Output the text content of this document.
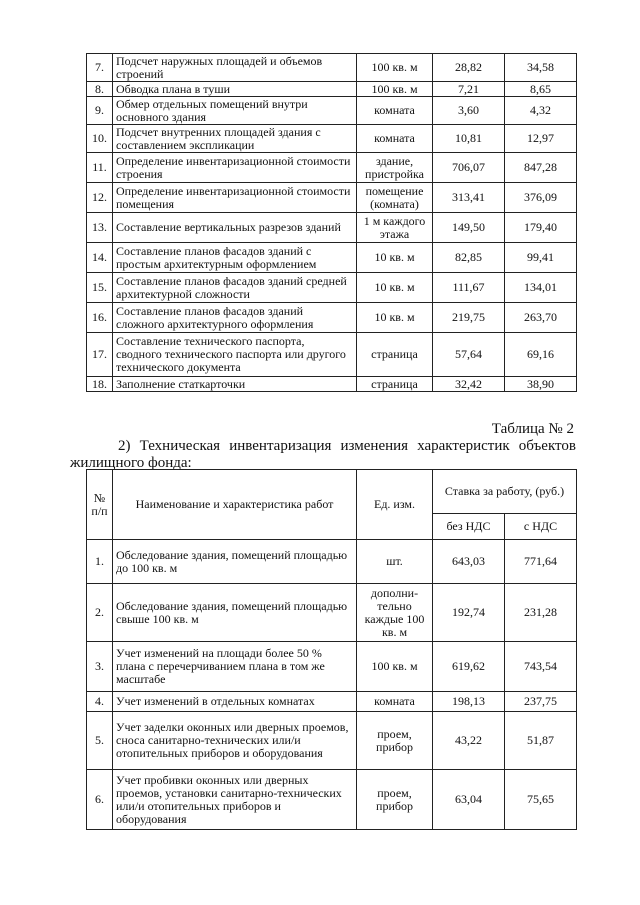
7.	Подсчет наружных площадей и объемов строений	100 кв. м	28,82	34,58
8.	Обводка плана в туши	100 кв. м	7,21	8,65
9.	Обмер отдельных помещений внутри основного здания	комната	3,60	4,32
10.	Подсчет внутренних площадей здания с составлением экспликации	комната	10,81	12,97
11.	Определение инвентаризационной стоимости строения	здание, пристройка	706,07	847,28
12.	Определение инвентаризационной стоимости помещения	помещение (комната)	313,41	376,09
13.	Составление вертикальных разрезов зданий	1 м каждого этажа	149,50	179,40
14.	Составление планов фасадов зданий с простым архитектурным оформлением	10 кв. м	82,85	99,41
15.	Составление планов фасадов зданий средней архитектурной сложности	10 кв. м	111,67	134,01
16.	Составление планов фасадов зданий сложного архитектурного оформления	10 кв. м	219,75	263,70
17.	Составление технического паспорта, сводного технического паспорта или другого технического документа	страница	57,64	69,16
18.	Заполнение статкарточки	страница	32,42	38,90
Таблица № 2
2) Техническая инвентаризация изменения характеристик объектов жилищного фонда:
№ п/п	Наименование и характеристика работ	Ед. изм.	Ставка за работу, (руб.)	
			без НДС	с НДС
1.	Обследование здания, помещений площадью до 100 кв. м	шт.	643,03	771,64
2.	Обследование здания, помещений площадью свыше 100 кв. м	дополни-тельно каждые 100 кв. м	192,74	231,28
3.	Учет изменений на площади более 50 % плана с перечерчиванием плана в том же масштабе	100 кв. м	619,62	743,54
4.	Учет изменений в отдельных комнатах	комната	198,13	237,75
5.	Учет заделки оконных или дверных проемов, сноса санитарно-технических или/и отопительных приборов и оборудования	проем, прибор	43,22	51,87
6.	Учет пробивки оконных или дверных проемов, установки санитарно-технических или/и отопительных приборов и оборудования	проем, прибор	63,04	75,65
